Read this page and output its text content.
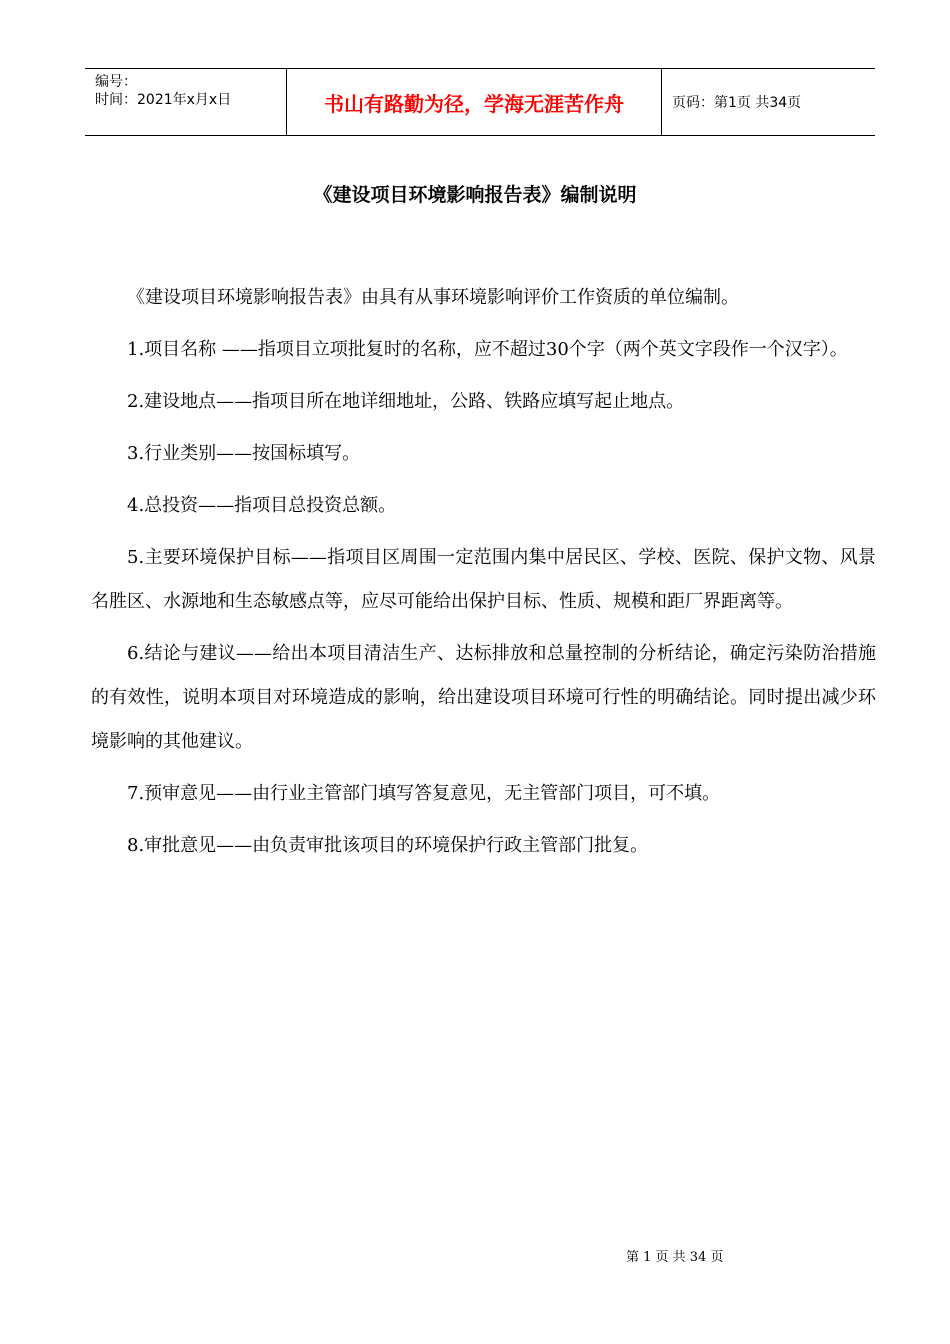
编号：
时间：2021年x月x日	书山有路勤为径，学海无涯苦作舟	页码：第1页 共34页
《建设项目环境影响报告表》编制说明

《建设项目环境影响报告表》由具有从事环境影响评价工作资质的单位编制。

1.项目名称 ——指项目立项批复时的名称，应不超过30个字（两个英文字段作一个汉字）。

2.建设地点——指项目所在地详细地址，公路、铁路应填写起止地点。

3.行业类别——按国标填写。

4.总投资——指项目总投资总额。

5.主要环境保护目标——指项目区周围一定范围内集中居民区、学校、医院、保护文物、风景名胜区、水源地和生态敏感点等，应尽可能给出保护目标、性质、规模和距厂界距离等。

6.结论与建议——给出本项目清洁生产、达标排放和总量控制的分析结论，确定污染防治措施的有效性，说明本项目对环境造成的影响，给出建设项目环境可行性的明确结论。同时提出减少环境影响的其他建议。

7.预审意见——由行业主管部门填写答复意见，无主管部门项目，可不填。

8.审批意见——由负责审批该项目的环境保护行政主管部门批复。

第 1 页 共 34 页
